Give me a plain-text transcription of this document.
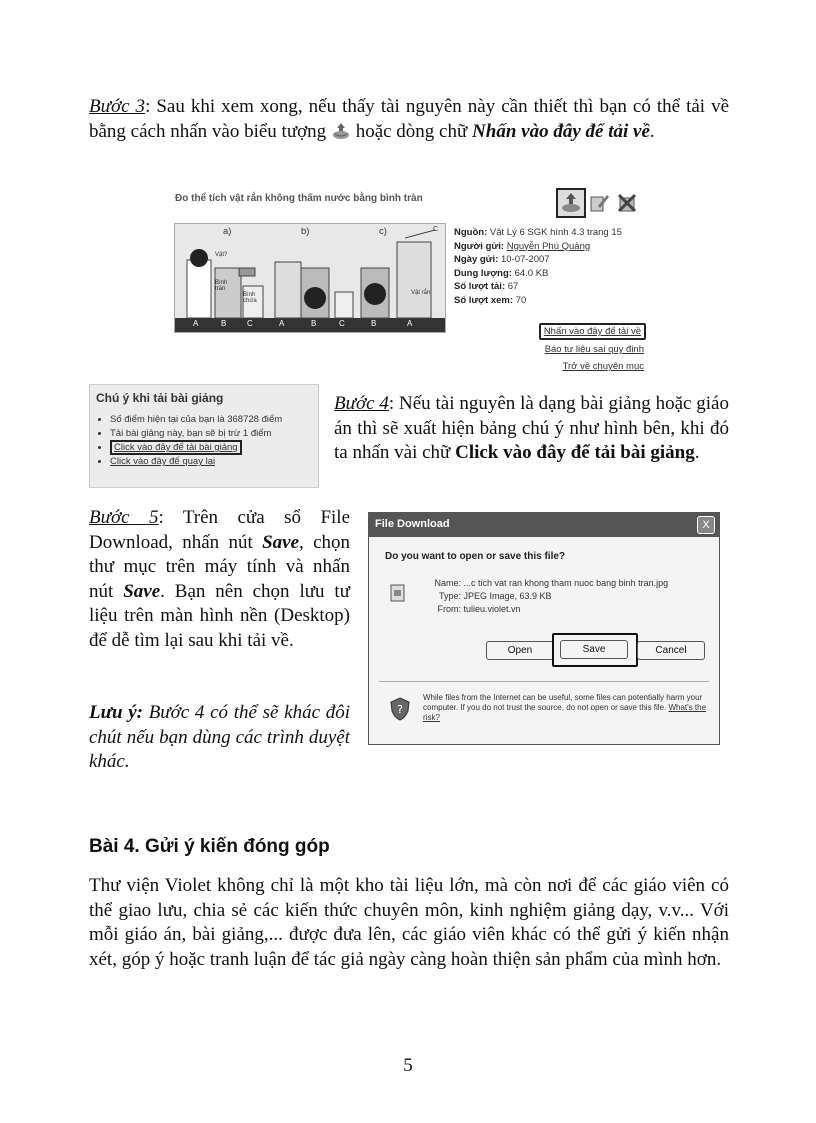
Bước 3: Sau khi xem xong, nếu thấy tài nguyên này cần thiết thì bạn có thể tải về bằng cách nhấn vào biểu tượng hoặc dòng chữ Nhấn vào đây để tải về.
Đo thể tích vật rắn không thấm nước bằng bình tràn
a)	b)	c)
Vật?
Bình tràn
Bình chứa
Vật rắn
C
A	B	C	A	B	C	B	A
Nguồn: Vật Lý 6 SGK hình 4.3 trang 15
Người gửi: Nguyễn Phú Quảng
Ngày gửi: 10-07-2007
Dung lượng: 64.0 KB
Số lượt tải: 67
Số lượt xem: 70
Nhấn vào đây để tải về
Báo tư liệu sai quy định
Trở về chuyên mục
Chú ý khi tải bài giảng
• Số điểm hiện tại của bạn là 368728 điểm
• Tải bài giảng này, bạn sẽ bị trừ 1 điểm
• Click vào đây để tải bài giảng
• Click vào đây để quay lại
Bước 4: Nếu tài nguyên là dạng bài giảng hoặc giáo án thì sẽ xuất hiện bảng chú ý như hình bên, khi đó ta nhấn vài chữ Click vào đây để tải bài giảng.
Bước 5: Trên cửa sổ File Download, nhấn nút Save, chọn thư mục trên máy tính và nhấn nút Save. Bạn nên chọn lưu tư liệu trên màn hình nền (Desktop) để dễ tìm lại sau khi tải về.
Lưu ý: Bước 4 có thể sẽ khác đôi chút nếu bạn dùng các trình duyệt khác.
File Download	X
Do you want to open or save this file?
Name: ...c tich vat ran khong tham nuoc bang binh tran.jpg
Type: JPEG Image, 63.9 KB
From: tulieu.violet.vn
Open	Save	Cancel
?
While files from the Internet can be useful, some files can potentially harm your computer. If you do not trust the source, do not open or save this file. What's the risk?
Bài 4. Gửi ý kiến đóng góp
Thư viện Violet không chỉ là một kho tài liệu lớn, mà còn nơi để các giáo viên có thể giao lưu, chia sẻ các kiến thức chuyên môn, kinh nghiệm giảng dạy, v.v... Với mỗi giáo án, bài giảng,... được đưa lên, các giáo viên khác có thể gửi ý kiến nhận xét, góp ý hoặc tranh luận để tác giả ngày càng hoàn thiện sản phẩm của mình hơn.
5
